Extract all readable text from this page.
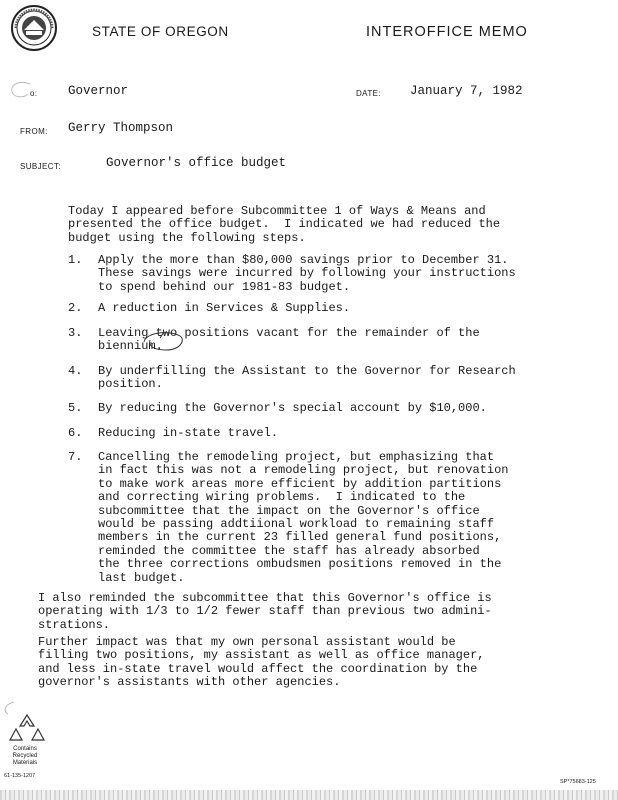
STATE OF OREGON	INTEROFFICE MEMO
o: Governor	DATE: January 7, 1982
FROM: Gerry Thompson
SUBJECT:	Governor's office budget
Today I appeared before Subcommittee 1 of Ways & Means and
presented the office budget.  I indicated we had reduced the
budget using the following steps.
1. Apply the more than $80,000 savings prior to December 31.
These savings were incurred by following your instructions
to spend behind our 1981-83 budget.
2. A reduction in Services & Supplies.
3. Leaving two positions vacant for the remainder of the
biennium.
4. By underfilling the Assistant to the Governor for Research
position.
5. By reducing the Governor's special account by $10,000.
6. Reducing in-state travel.
7. Cancelling the remodeling project, but emphasizing that
in fact this was not a remodeling project, but renovation
to make work areas more efficient by addition partitions
and correcting wiring problems.  I indicated to the
subcommittee that the impact on the Governor's office
would be passing addtiional workload to remaining staff
members in the current 23 filled general fund positions,
reminded the committee the staff has already absorbed
the three corrections ombudsmen positions removed in the
last budget.
I also reminded the subcommittee that this Governor's office is
operating with 1/3 to 1/2 fewer staff than previous two admini-
strations.
Further impact was that my own personal assistant would be
filling two positions, my assistant as well as office manager,
and less in-state travel would affect the coordination by the
governor's assistants with other agencies.
Contains
Recycled
Materials
61-135-1207
SP*75683-125
